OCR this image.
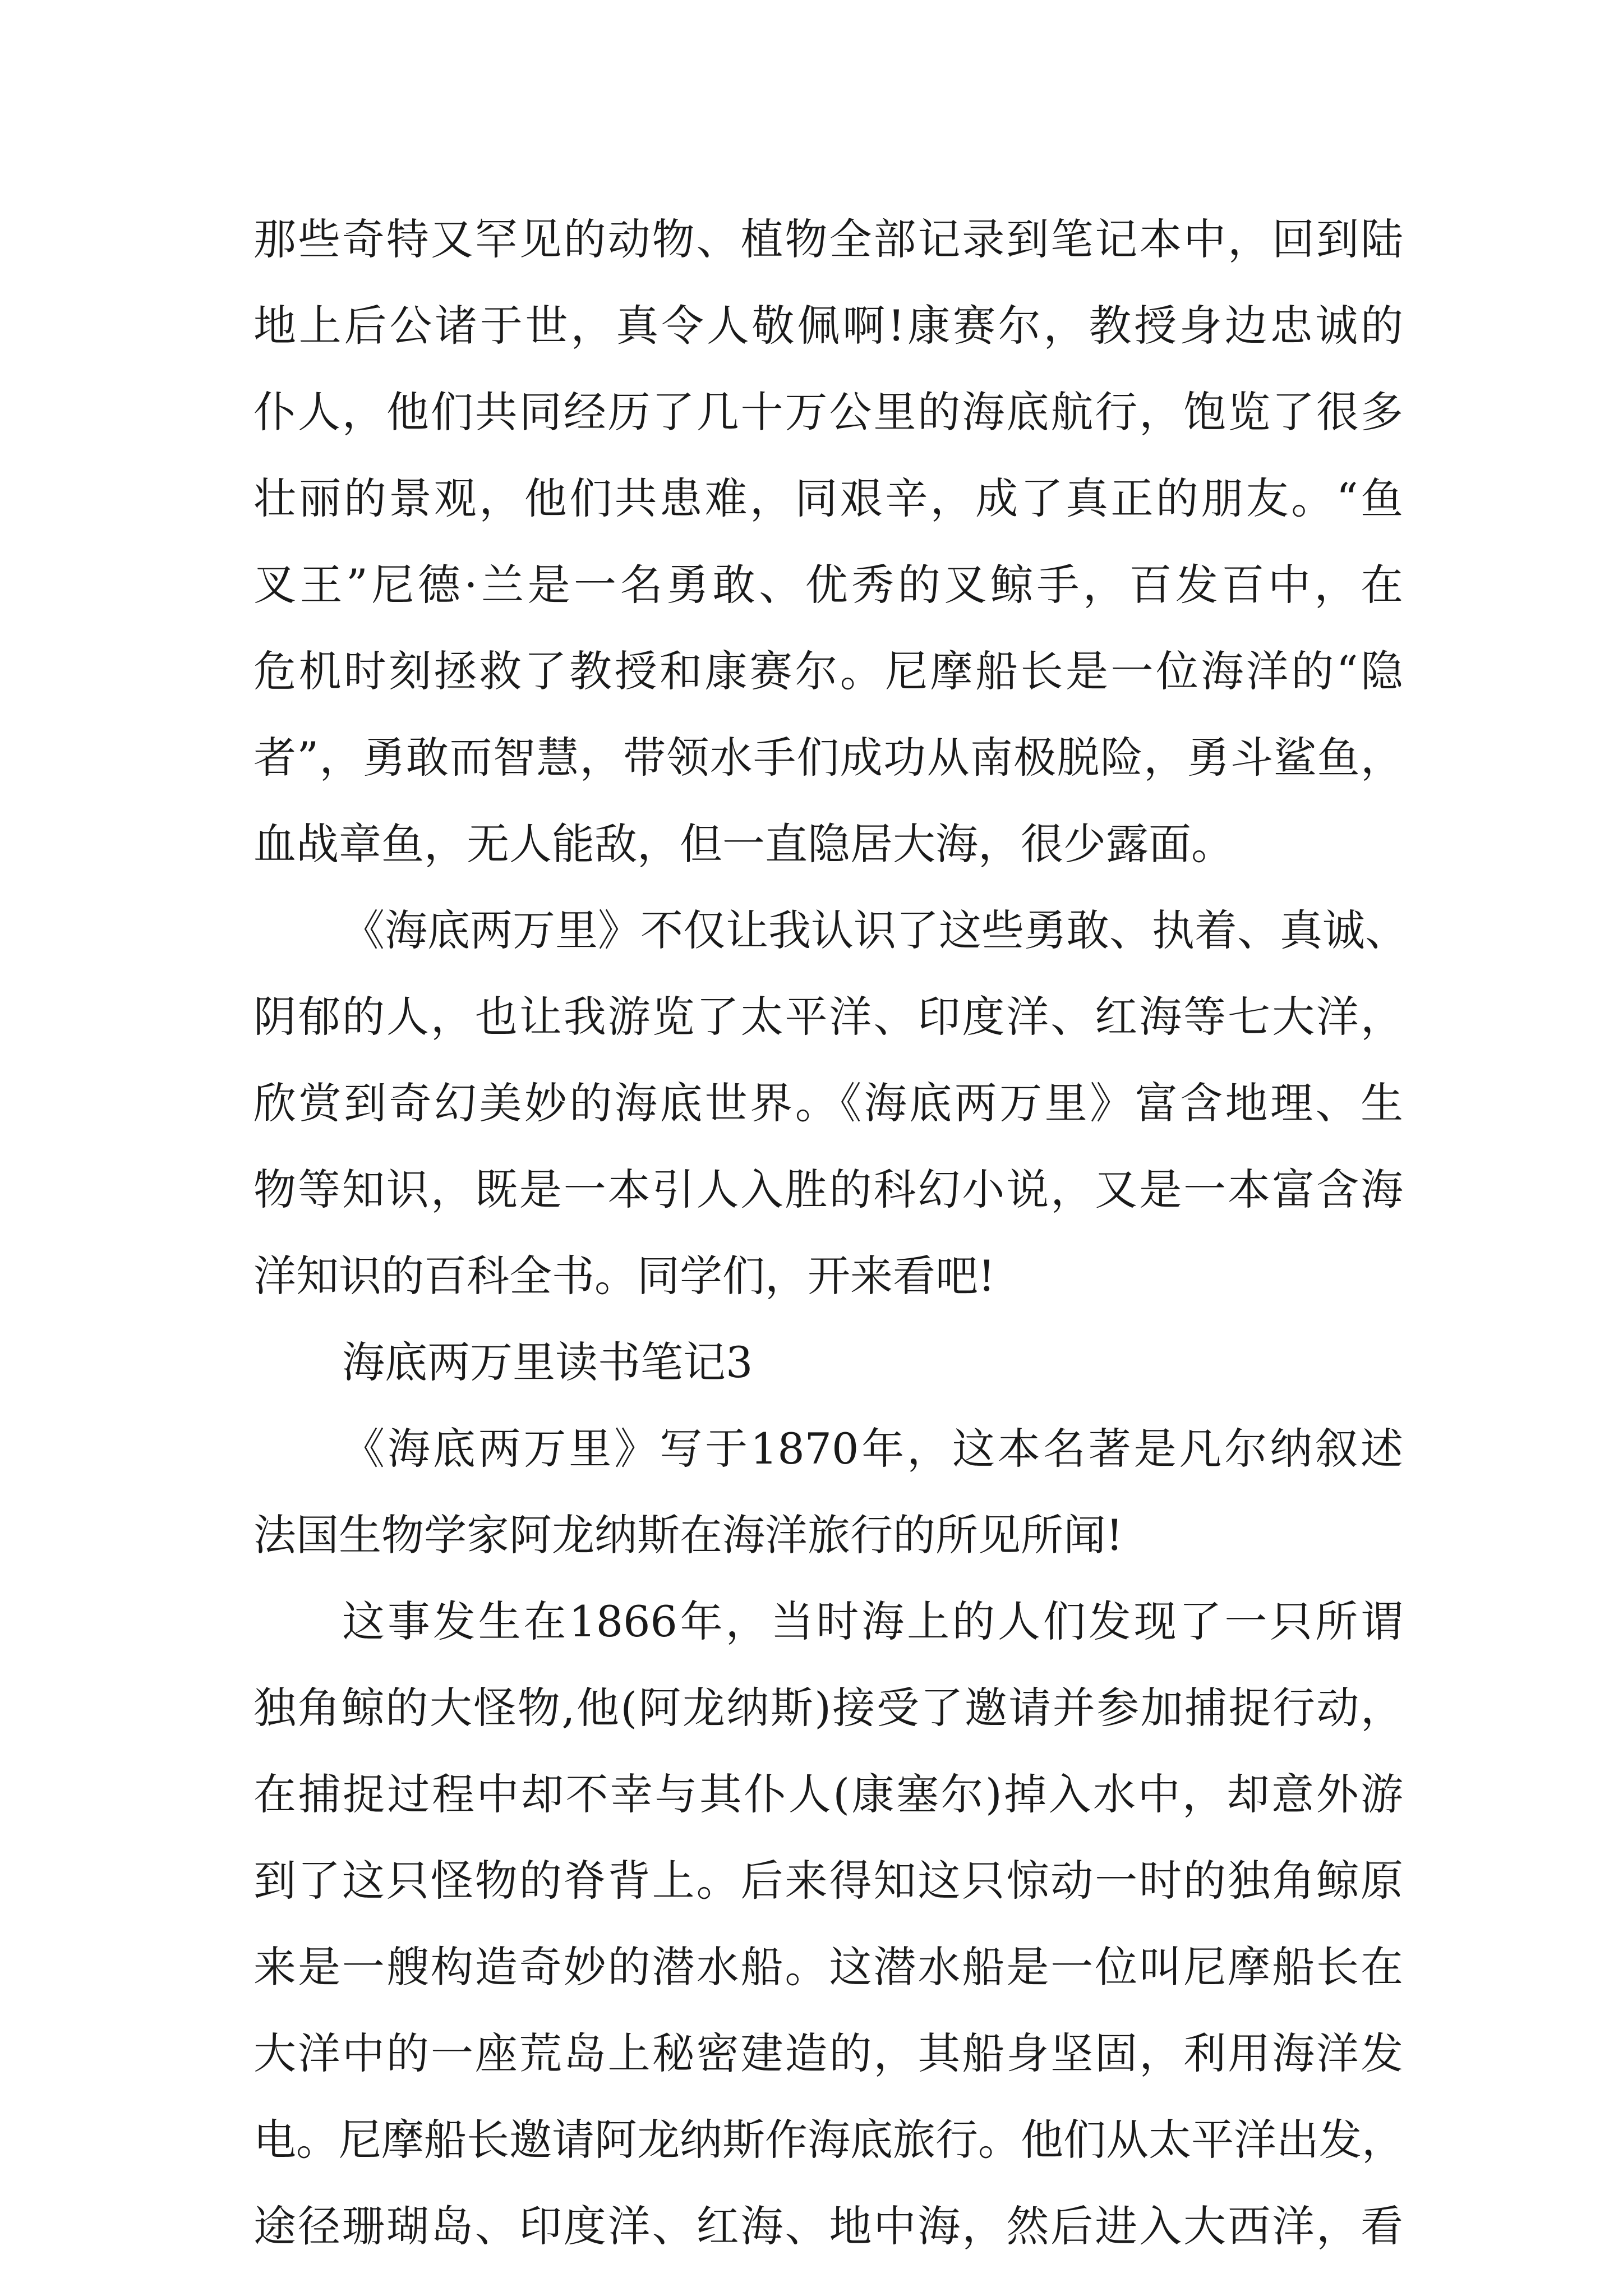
那些奇特又罕见的动物、植物全部记录到笔记本中，回到陆
地上后公诸于世，真令人敬佩啊!康赛尔，教授身边忠诚的
仆人，他们共同经历了几十万公里的海底航行，饱览了很多
壮丽的景观，他们共患难，同艰辛，成了真正的朋友。“鱼
叉王”尼德·兰是一名勇敢、优秀的叉鲸手，百发百中，在
危机时刻拯救了教授和康赛尔。尼摩船长是一位海洋的“隐
者”，勇敢而智慧，带领水手们成功从南极脱险，勇斗鲨鱼，
血战章鱼，无人能敌，但一直隐居大海，很少露面。
《海底两万里》不仅让我认识了这些勇敢、执着、真诚、
阴郁的人，也让我游览了太平洋、印度洋、红海等七大洋，
欣赏到奇幻美妙的海底世界。《海底两万里》富含地理、生
物等知识，既是一本引人入胜的科幻小说，又是一本富含海
洋知识的百科全书。同学们，开来看吧!
海底两万里读书笔记3
《海底两万里》写于1870年，这本名著是凡尔纳叙述
法国生物学家阿龙纳斯在海洋旅行的所见所闻!
这事发生在1866年，当时海上的人们发现了一只所谓
独角鲸的大怪物,他(阿龙纳斯)接受了邀请并参加捕捉行动，
在捕捉过程中却不幸与其仆人(康塞尔)掉入水中，却意外游
到了这只怪物的脊背上。后来得知这只惊动一时的独角鲸原
来是一艘构造奇妙的潜水船。这潜水船是一位叫尼摩船长在
大洋中的一座荒岛上秘密建造的，其船身坚固，利用海洋发
电。尼摩船长邀请阿龙纳斯作海底旅行。他们从太平洋出发，
途径珊瑚岛、印度洋、红海、地中海，然后进入大西洋，看
